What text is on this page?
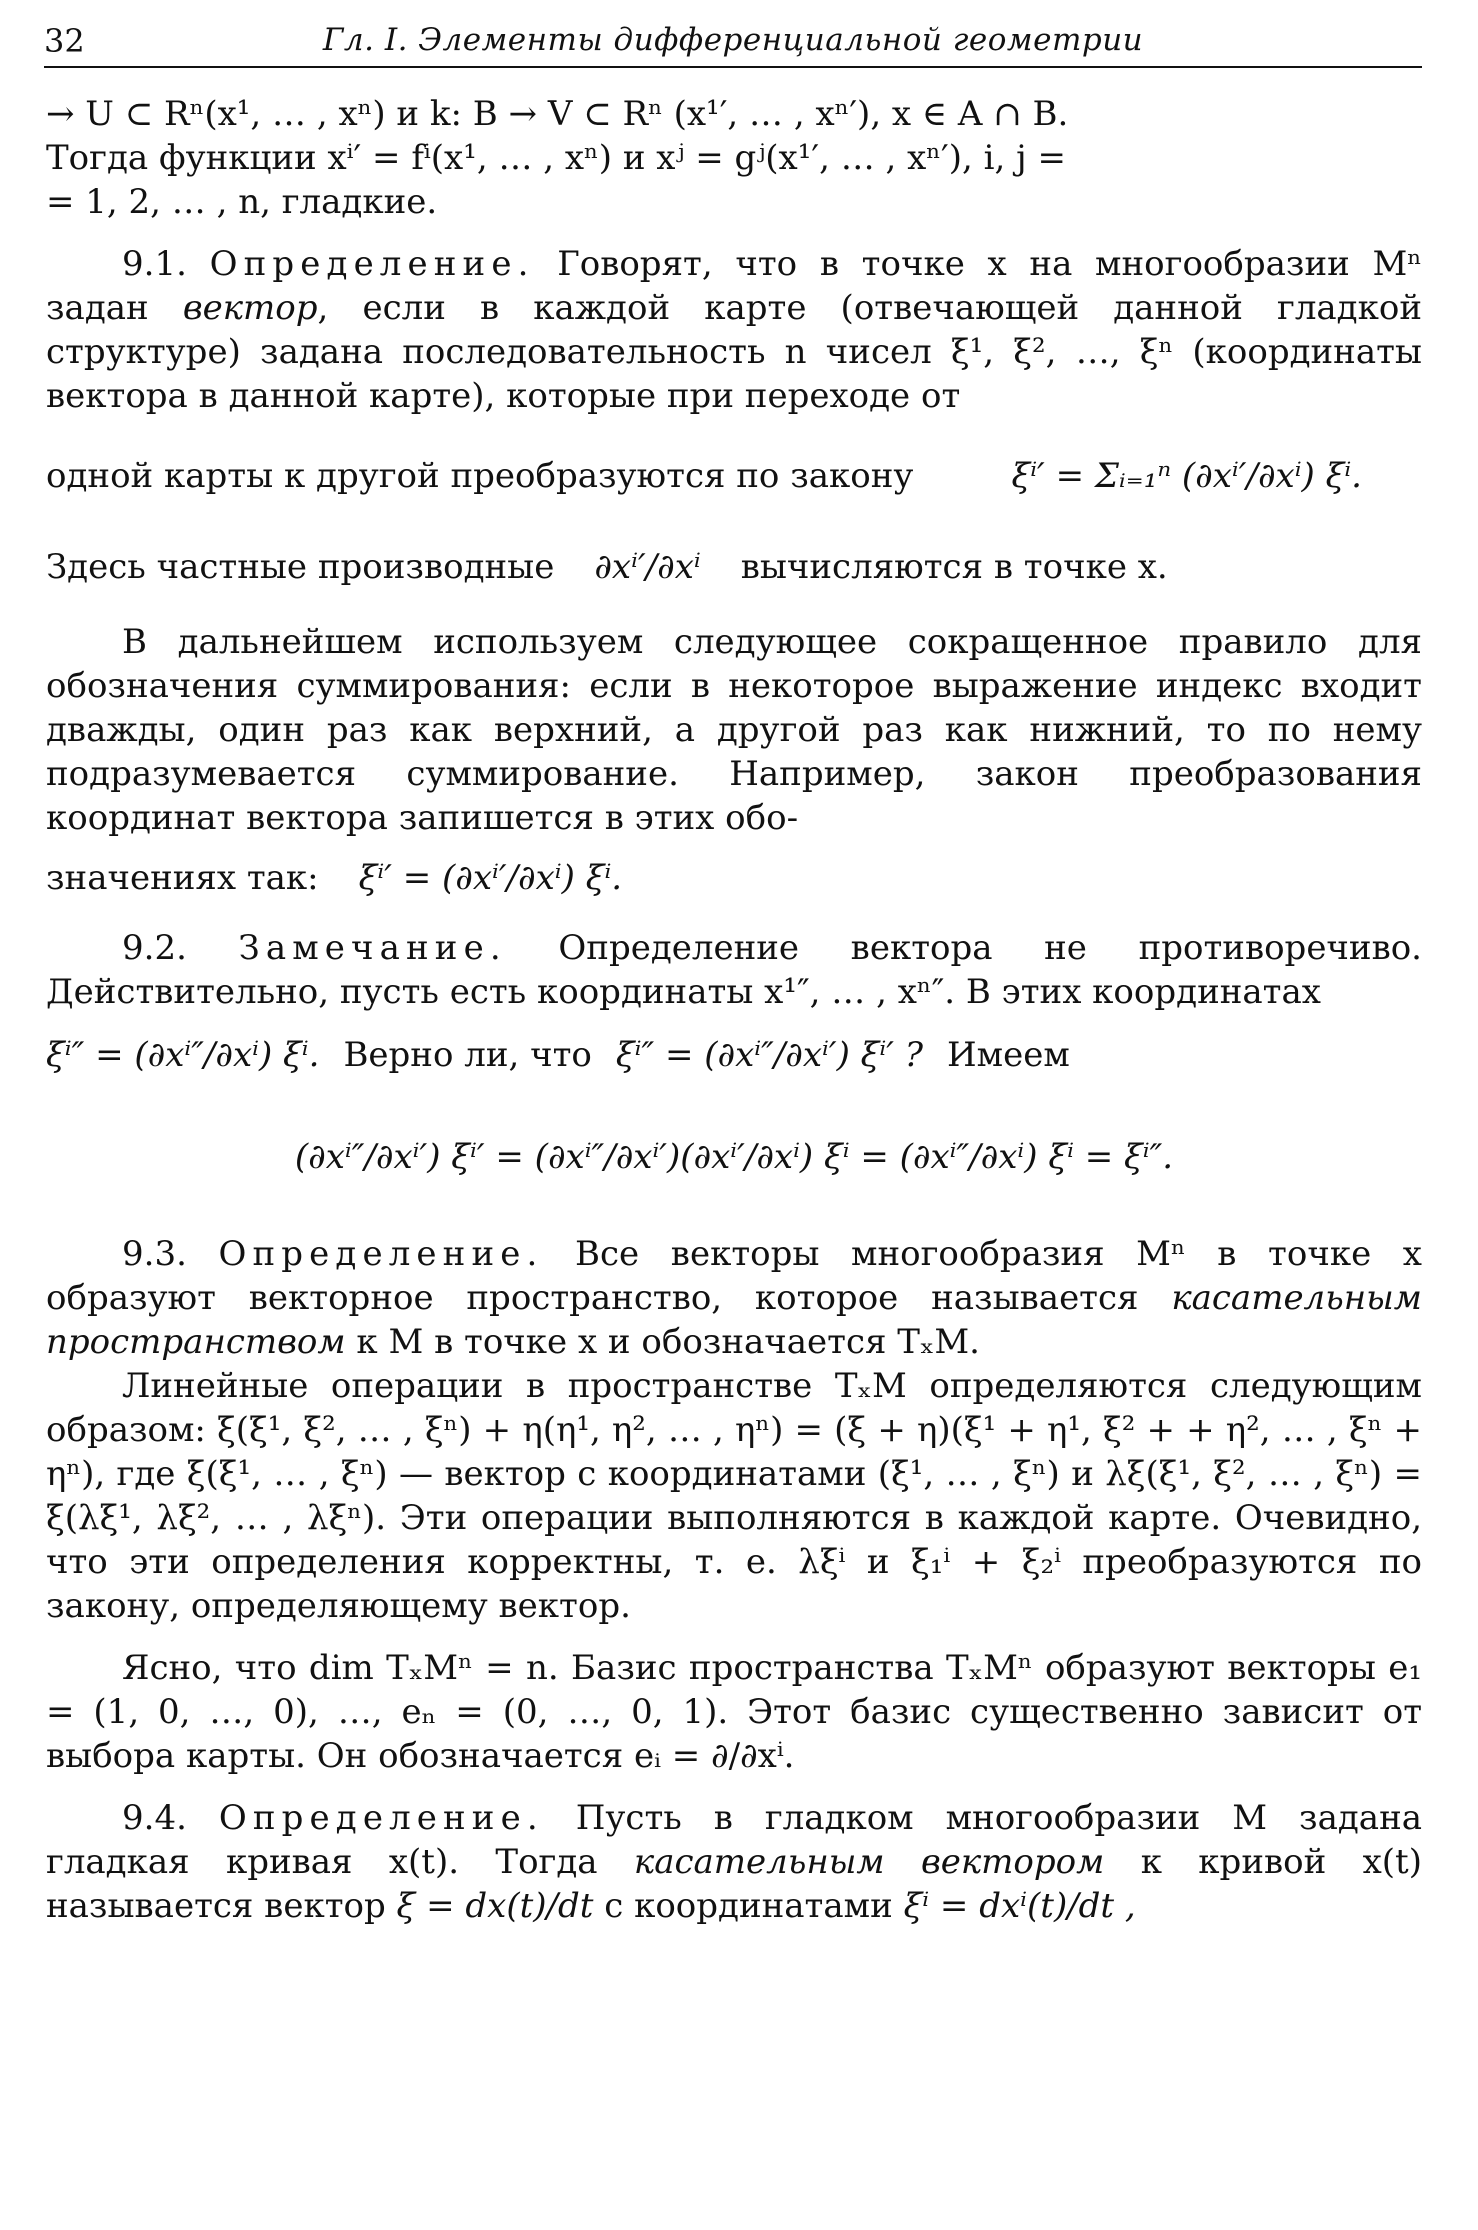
32	Гл. I. Элементы дифференциальной геометрии

→ U ⊂ Rⁿ(x¹, … , xⁿ) и k: B → V ⊂ Rⁿ (x¹′, … , xⁿ′), x ∈ A ∩ B.

Тогда функции xⁱ′ = fⁱ(x¹, … , xⁿ) и xʲ = gʲ(x¹′, … , xⁿ′), i, j =

= 1, 2, … , n, гладкие.

9.1. Определение. Говорят, что в точке x на многообразии Mⁿ задан вектор, если в каждой карте (отвечающей данной гладкой структуре) задана последовательность n чисел ξ¹, ξ², …, ξⁿ (координаты вектора в данной карте), которые при переходе от

одной карты к другой преобразуются по закону	ξⁱ′ = Σᵢ₌₁ⁿ (∂xⁱ′/∂xⁱ) ξⁱ.
Здесь частные производные ∂xⁱ′/∂xⁱ вычисляются в точке x.

В дальнейшем используем следующее сокращенное правило для обозначения суммирования: если в некоторое выражение индекс входит дважды, один раз как верхний, а другой раз как нижний, то по нему подразумевается суммирование. Например, закон преобразования координат вектора запишется в этих обо-

значениях так: ξⁱ′ = (∂xⁱ′/∂xⁱ) ξⁱ.

9.2. Замечание. Определение вектора не противоречиво. Действительно, пусть есть координаты x¹″, … , xⁿ″. В этих координатах

ξⁱ″ = (∂xⁱ″/∂xⁱ) ξⁱ. Верно ли, что ξⁱ″ = (∂xⁱ″/∂xⁱ′) ξⁱ′ ? Имеем
(∂xⁱ″/∂xⁱ′) ξⁱ′ = (∂xⁱ″/∂xⁱ′)(∂xⁱ′/∂xⁱ) ξⁱ = (∂xⁱ″/∂xⁱ) ξⁱ = ξⁱ″.

9.3. Определение. Все векторы многообразия Mⁿ в точке x образуют векторное пространство, которое называется касательным пространством к M в точке x и обозначается TₓM.

Линейные операции в пространстве TₓM определяются следующим образом: ξ(ξ¹, ξ², … , ξⁿ) + η(η¹, η², … , ηⁿ) = (ξ + η)(ξ¹ + η¹, ξ² + + η², … , ξⁿ + ηⁿ), где ξ(ξ¹, … , ξⁿ) — вектор с координатами (ξ¹, … , ξⁿ) и λξ(ξ¹, ξ², … , ξⁿ) = ξ(λξ¹, λξ², … , λξⁿ). Эти операции выполняются в каждой карте. Очевидно, что эти определения корректны, т. е. λξⁱ и ξ₁ⁱ + ξ₂ⁱ преобразуются по закону, определяющему вектор.

Ясно, что dim TₓMⁿ = n. Базис пространства TₓMⁿ образуют векторы e₁ = (1, 0, …, 0), …, eₙ = (0, …, 0, 1). Этот базис существенно зависит от выбора карты. Он обозначается eᵢ = ∂/∂xⁱ.

9.4. Определение. Пусть в гладком многообразии M задана гладкая кривая x(t). Тогда касательным вектором к кривой x(t) называется вектор ξ = dx(t)/dt с координатами ξⁱ = dxⁱ(t)/dt ,
